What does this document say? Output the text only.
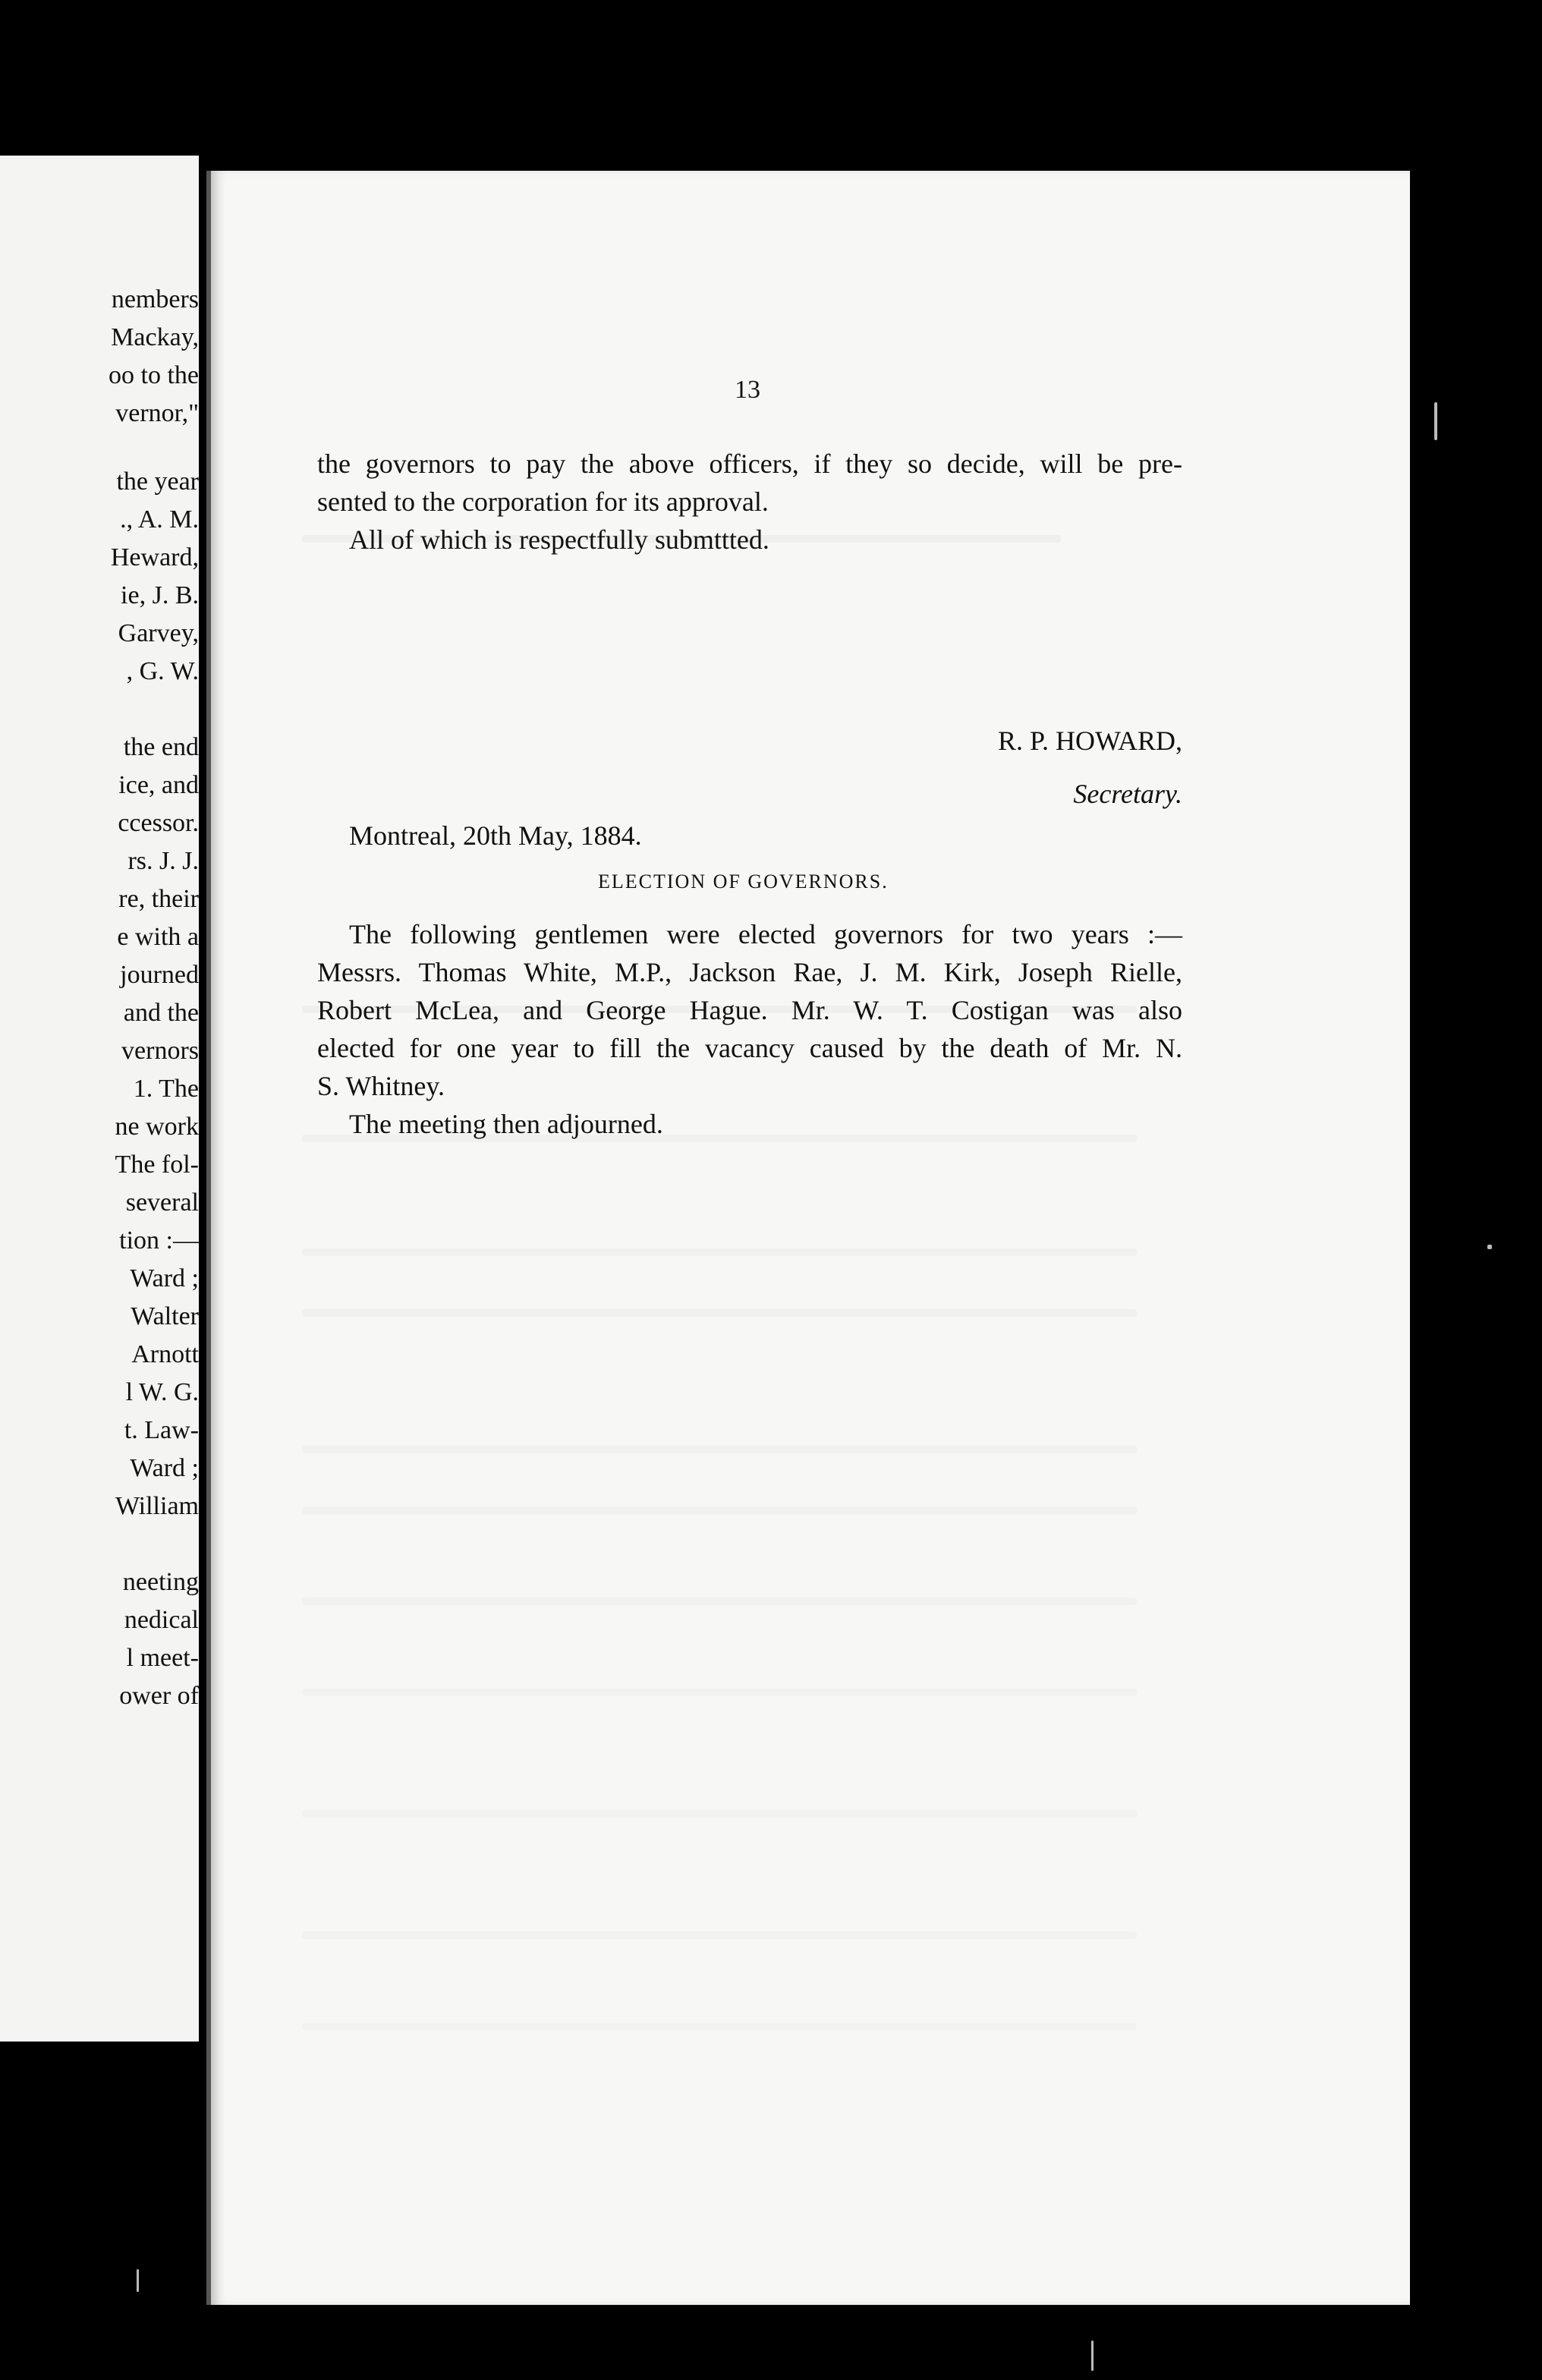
nembers
Mackay,
oo to the
vernor,"
the year
., A. M.
Heward,
ie, J. B.
Garvey,
, G. W.
the end
ice, and
ccessor.
rs. J. J.
re, their
e with a
journed
and the
vernors
1. The
ne work
The fol-
several
tion :—
Ward ;
Walter
Arnott
l W. G.
t. Law-
Ward ;
William
neeting
nedical
l meet-
ower of
13
the governors to pay the above officers, if they so decide, will be pre-
sented to the corporation for its approval.
All of which is respectfully submttted.
R. P. HOWARD,
Secretary.
Montreal, 20th May, 1884.
ELECTION OF GOVERNORS.
The following gentlemen were elected governors for two years :—
Messrs. Thomas White, M.P., Jackson Rae, J. M. Kirk, Joseph Rielle,
Robert McLea, and George Hague. Mr. W. T. Costigan was also
elected for one year to fill the vacancy caused by the death of Mr. N.
S. Whitney.
The meeting then adjourned.
